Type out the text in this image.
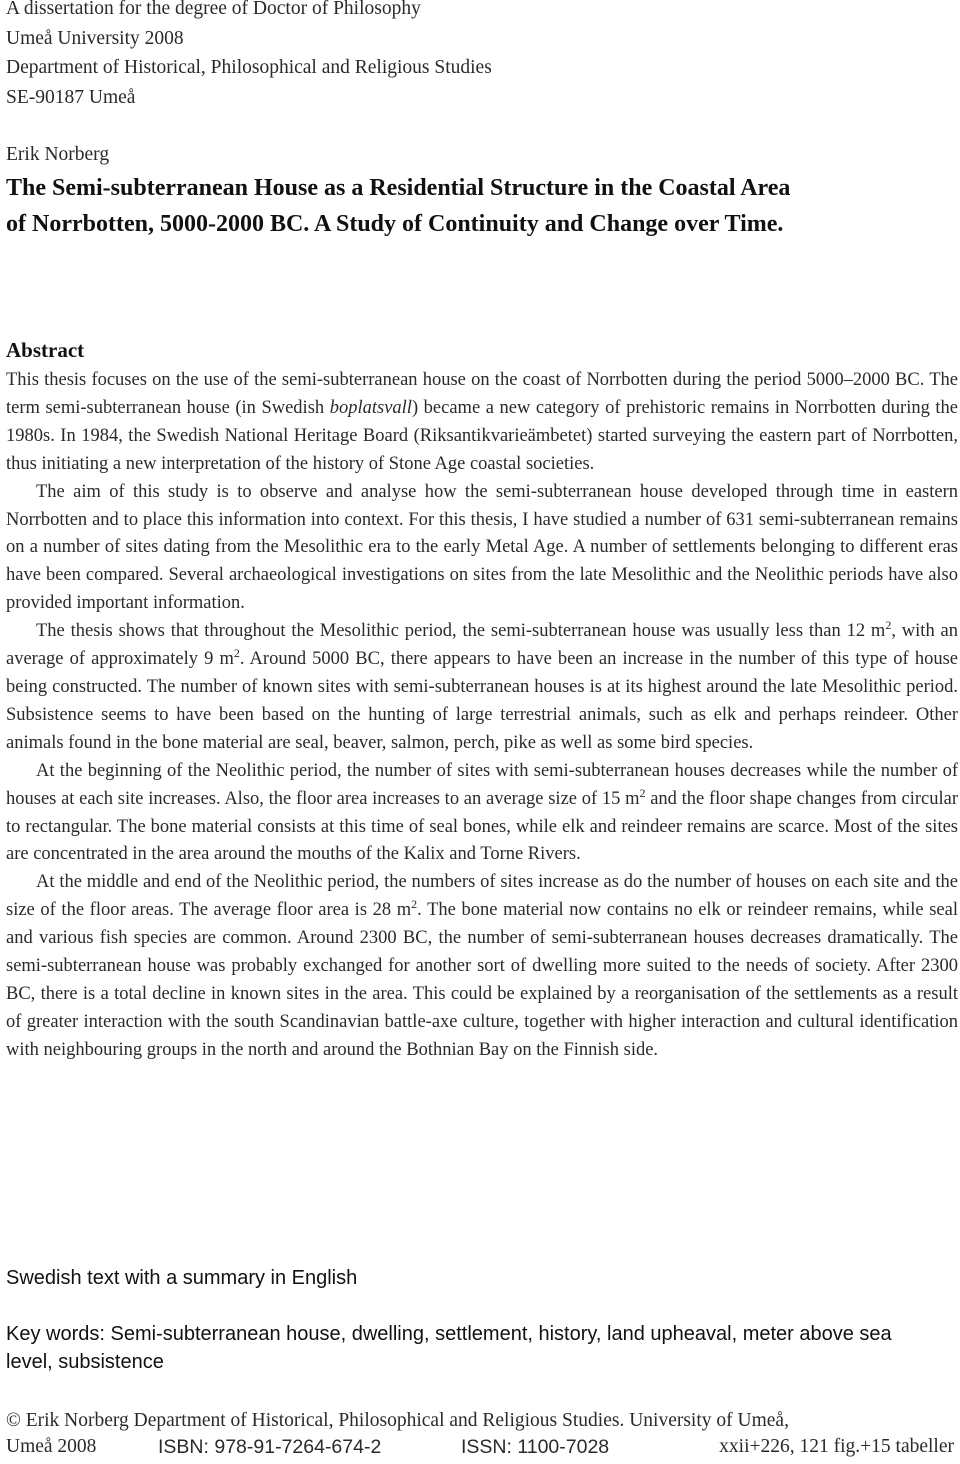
A dissertation for the degree of Doctor of Philosophy
Umeå University 2008
Department of Historical, Philosophical and Religious Studies
SE-90187 Umeå
Erik Norberg
The Semi-subterranean House as a Residential Structure in the Coastal Area
of Norrbotten, 5000-2000 BC. A Study of Continuity and Change over Time.
Abstract

This thesis focuses on the use of the semi-subterranean house on the coast of Norrbotten during the period 5000–2000 BC. The term semi-subterranean house (in Swedish boplatsvall) became a new category of prehistoric remains in Norrbotten during the 1980s. In 1984, the Swedish National Heritage Board (Riksantikvarieämbetet) started surveying the eastern part of Norrbotten, thus initiating a new interpretation of the history of Stone Age coastal societies.

The aim of this study is to observe and analyse how the semi-subterranean house developed through time in eastern Norrbotten and to place this information into context. For this thesis, I have studied a number of 631 semi-subterranean remains on a number of sites dating from the Mesolithic era to the early Metal Age. A number of settlements belonging to different eras have been compared. Several archaeological investigations on sites from the late Mesolithic and the Neolithic periods have also provided important information.

The thesis shows that throughout the Mesolithic period, the semi-subterranean house was usually less than 12 $m^2$, with an average of approximately 9 $m^2$. Around 5000 BC, there appears to have been an increase in the number of this type of house being constructed. The number of known sites with semi-subterranean houses is at its highest around the late Mesolithic period. Subsistence seems to have been based on the hunting of large terrestrial animals, such as elk and perhaps reindeer. Other animals found in the bone material are seal, beaver, salmon, perch, pike as well as some bird species.

At the beginning of the Neolithic period, the number of sites with semi-subterranean houses decreases while the number of houses at each site increases. Also, the floor area increases to an average size of 15 $m^2$ and the floor shape changes from circular to rectangular. The bone material consists at this time of seal bones, while elk and reindeer remains are scarce. Most of the sites are concentrated in the area around the mouths of the Kalix and Torne Rivers.

At the middle and end of the Neolithic period, the numbers of sites increase as do the number of houses on each site and the size of the floor areas. The average floor area is 28 $m^2$. The bone material now contains no elk or reindeer remains, while seal and various fish species are common. Around 2300 BC, the number of semi-subterranean houses decreases dramatically. The semi-subterranean house was probably exchanged for another sort of dwelling more suited to the needs of society. After 2300 BC, there is a total decline in known sites in the area. This could be explained by a reorganisation of the settlements as a result of greater interaction with the south Scandinavian battle-axe culture, together with higher interaction and cultural identification with neighbouring groups in the north and around the Bothnian Bay on the Finnish side.

Swedish text with a summary in English
Key words: Semi-subterranean house, dwelling, settlement, history, land upheaval, meter above sea level, subsistence
© Erik Norberg Department of Historical, Philosophical and Religious Studies. University of Umeå,
Umeå 2008	ISBN: 978-91-7264-674-2	ISSN: 1100-7028	xxii+226, 121 fig.+15 tabeller
